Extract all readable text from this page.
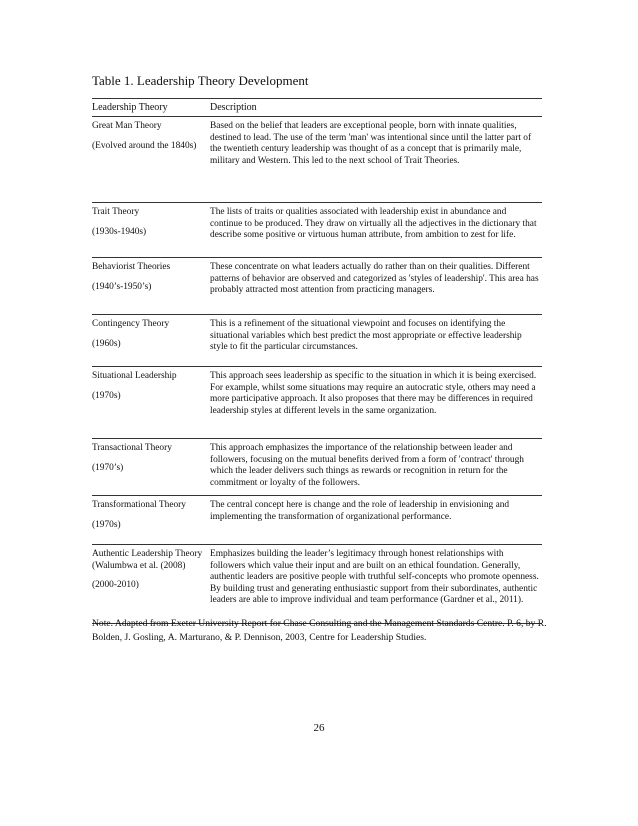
Table 1. Leadership Theory Development
Leadership Theory	Description
Great Man Theory
(Evolved around the 1840s)
Based on the belief that leaders are exceptional people, born with innate qualities, destined to lead. The use of the term 'man' was intentional since until the latter part of the twentieth century leadership was thought of as a concept that is primarily male, military and Western. This led to the next school of Trait Theories.
Trait Theory
(1930s-1940s)
The lists of traits or qualities associated with leadership exist in abundance and continue to be produced. They draw on virtually all the adjectives in the dictionary that describe some positive or virtuous human attribute, from ambition to zest for life.
Behaviorist Theories
(1940’s-1950’s)
These concentrate on what leaders actually do rather than on their qualities. Different patterns of behavior are observed and categorized as 'styles of leadership'. This area has probably attracted most attention from practicing managers.
Contingency Theory
(1960s)
This is a refinement of the situational viewpoint and focuses on identifying the situational variables which best predict the most appropriate or effective leadership style to fit the particular circumstances.
Situational Leadership
(1970s)
This approach sees leadership as specific to the situation in which it is being exercised. For example, whilst some situations may require an autocratic style, others may need a more participative approach. It also proposes that there may be differences in required leadership styles at different levels in the same organization.
Transactional Theory
(1970’s)
This approach emphasizes the importance of the relationship between leader and followers, focusing on the mutual benefits derived from a form of 'contract' through which the leader delivers such things as rewards or recognition in return for the commitment or loyalty of the followers.
Transformational Theory
(1970s)
The central concept here is change and the role of leadership in envisioning and implementing the transformation of organizational performance.
Authentic Leadership Theory (Walumbwa et al. (2008)
(2000-2010)
Emphasizes building the leader’s legitimacy through honest relationships with followers which value their input and are built on an ethical foundation. Generally, authentic leaders are positive people with truthful self-concepts who promote openness. By building trust and generating enthusiastic support from their subordinates, authentic leaders are able to improve individual and team performance (Gardner et al., 2011).
Note. Adapted from Exeter University Report for Chase Consulting and the Management Standards Centre. P. 6, by R. Bolden, J. Gosling, A. Marturano, & P. Dennison, 2003, Centre for Leadership Studies.
26
